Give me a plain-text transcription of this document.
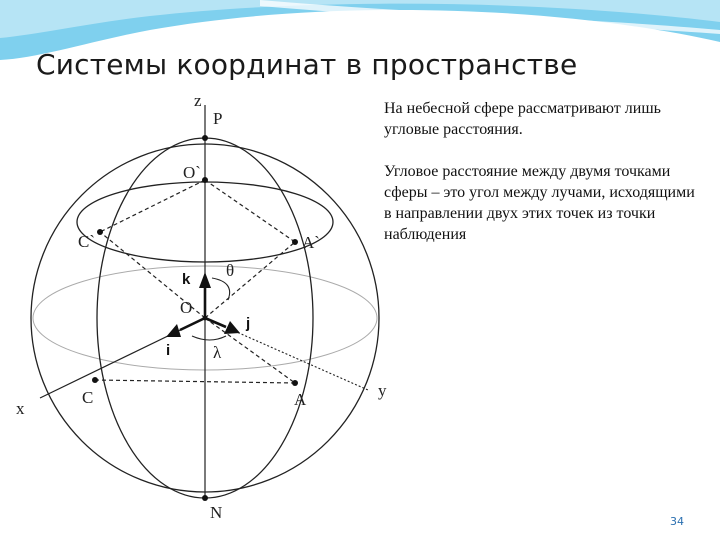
Системы координат в пространстве
z
P
O`
C`	A`
k θ
O
j
i	λ
x
C	A	y
N

На небесной сфере рассматривают лишь угловые расстояния.

Угловое расстояние между двумя точками сферы – это угол между лучами, исходящими в направлении двух этих точек из точки наблюдения

34
